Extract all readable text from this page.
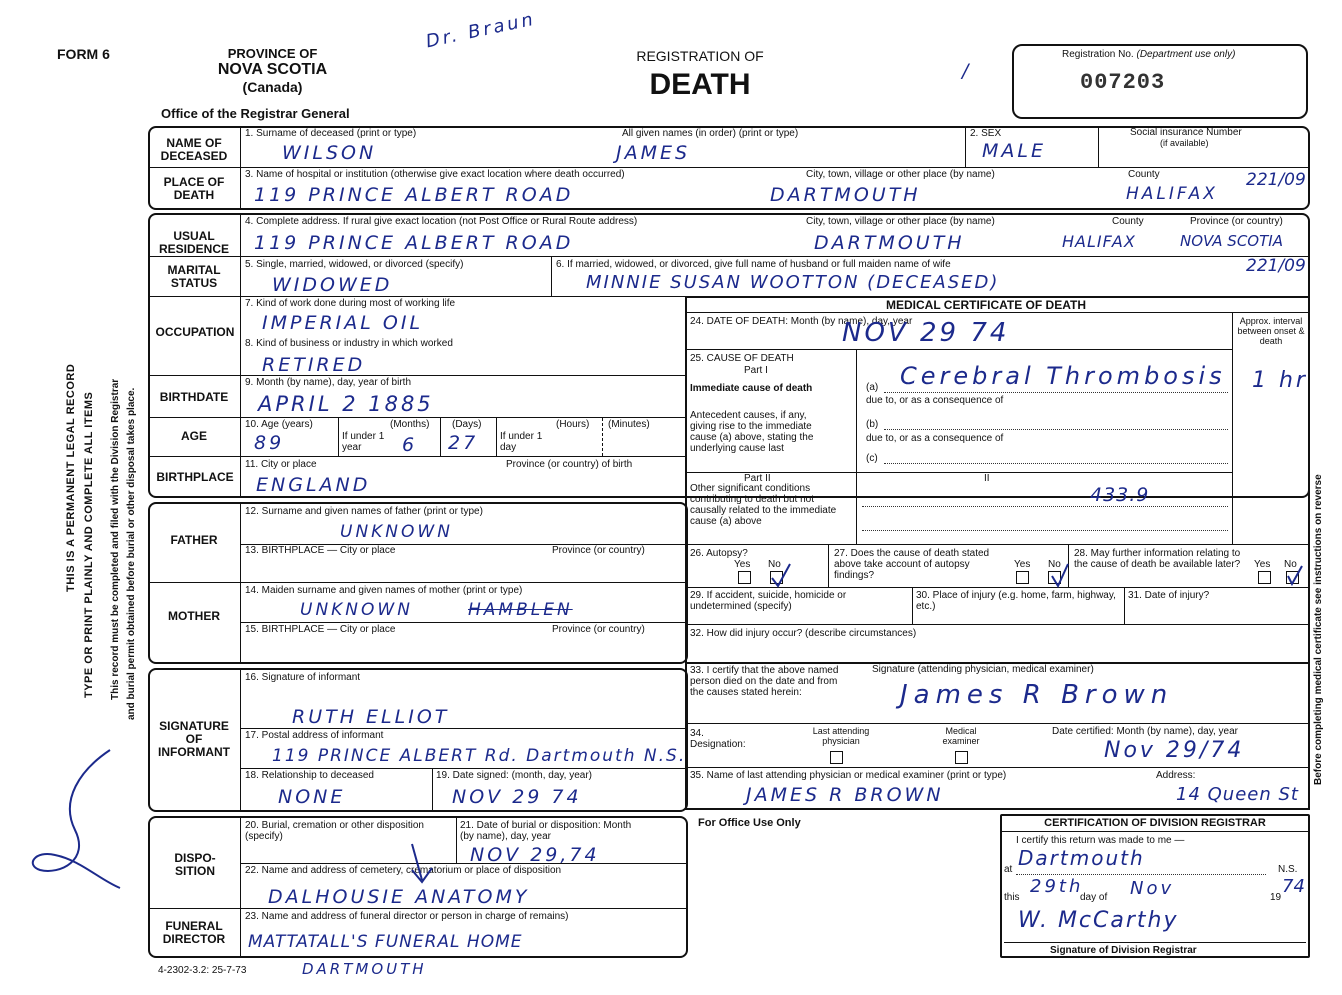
FORM 6	PROVINCE OF
NOVA SCOTIA
(Canada)
Office of the Registrar General
Dr. Braun
REGISTRATION OF
DEATH	/
Registration No. (Department use only)
007203
THIS IS A PERMANENT LEGAL RECORD TYPE OR PRINT PLAINLY AND COMPLETE ALL ITEMS This record must be completed and filed with the Division Registrar and burial permit obtained before burial or other disposal takes place.	Before completing medical certificate see instructions on reverse
NAME OF DECEASED
PLACE OF DEATH
1. Surname of deceased (print or type)	All given names (in order) (print or type)	2. SEX	Social insurance Number
(if available)
WILSON	JAMES	MALE
3. Name of hospital or institution (otherwise give exact location where death occurred)	City, town, village or other place (by name)	County
119 PRINCE ALBERT ROAD	DARTMOUTH	HALIFAX
221/09
USUAL RESIDENCE
MARITAL STATUS
OCCUPATION
BIRTHDATE
AGE
BIRTHPLACE
4. Complete address. If rural give exact location (not Post Office or Rural Route address)	City, town, village or other place (by name)	County	Province (or country)
119 PRINCE ALBERT ROAD	DARTMOUTH	HALIFAX	NOVA SCOTIA
5. Single, married, widowed, or divorced (specify)	6. If married, widowed, or divorced, give full name of husband or full maiden name of wife
WIDOWED	MINNIE SUSAN WOOTTON (DECEASED)
221/09
7. Kind of work done during most of working life
IMPERIAL OIL
8. Kind of business or industry in which worked
RETIRED
9. Month (by name), day, year of birth
APRIL 2 1885
10. Age (years)	(Months) (Days)	(Hours) (Minutes)
If under 1 year
If under 1 day
89	6 27
11. City or place	Province (or country) of birth
ENGLAND
FATHER
MOTHER
12. Surname and given names of father (print or type)
UNKNOWN
13. BIRTHPLACE — City or place	Province (or country)
14. Maiden surname and given names of mother (print or type)
UNKNOWN	HAMBLEN
15. BIRTHPLACE — City or place	Province (or country)
SIGNATURE OF INFORMANT
16. Signature of informant
RUTH ELLIOT
17. Postal address of informant
119 PRINCE ALBERT Rd. Dartmouth N.S.
18. Relationship to deceased	19. Date signed: (month, day, year)
NONE	NOV 29 74
DISPO- SITION
FUNERAL DIRECTOR
20. Burial, cremation or other disposition (specify)
21. Date of burial or disposition: Month (by name), day, year
NOV 29,74
22. Name and address of cemetery, crematorium or place of disposition
DALHOUSIE ANATOMY
23. Name and address of funeral director or person in charge of remains)
MATTATALL'S FUNERAL HOME
4-2302-3.2: 25-7-73	DARTMOUTH
MEDICAL CERTIFICATE OF DEATH
24. DATE OF DEATH: Month (by name), day, year
NOV 29 74	Approx. interval between onset & death
25. CAUSE OF DEATH
Part I
Immediate cause of death	(a) Cerebral Thrombosis 1 hr
due to, or as a consequence of
Antecedent causes, if any, giving rise to the immediate cause (a) above, stating the underlying cause last
(b)
due to, or as a consequence of
(c)
Part II
Other significant conditions contributing to death but not causally related to the immediate cause (a) above
II
433.9
26. Autopsy?
Yes No
27. Does the cause of death stated above take account of autopsy findings?
Yes No
28. May further information relating to the cause of death be available later?	Yes No
29. If accident, suicide, homicide or undetermined (specify)
30. Place of injury (e.g. home, farm, highway, etc.)
31. Date of injury?
32. How did injury occur? (describe circumstances)
33. I certify that the above named person died on the date and from the causes stated herein:
Signature (attending physician, medical examiner)
James R Brown
34. Designation:
Last attending physician
Medical examiner
Date certified: Month (by name), day, year
Nov 29/74
35. Name of last attending physician or medical examiner (print or type)	Address:
JAMES R BROWN	14 Queen St
For Office Use Only	CERTIFICATION OF DIVISION REGISTRAR
I certify this return was made to me —
at	N.S.
Dartmouth
this
29th
day of Nov	19
74
W. McCarthy
Signature of Division Registrar
